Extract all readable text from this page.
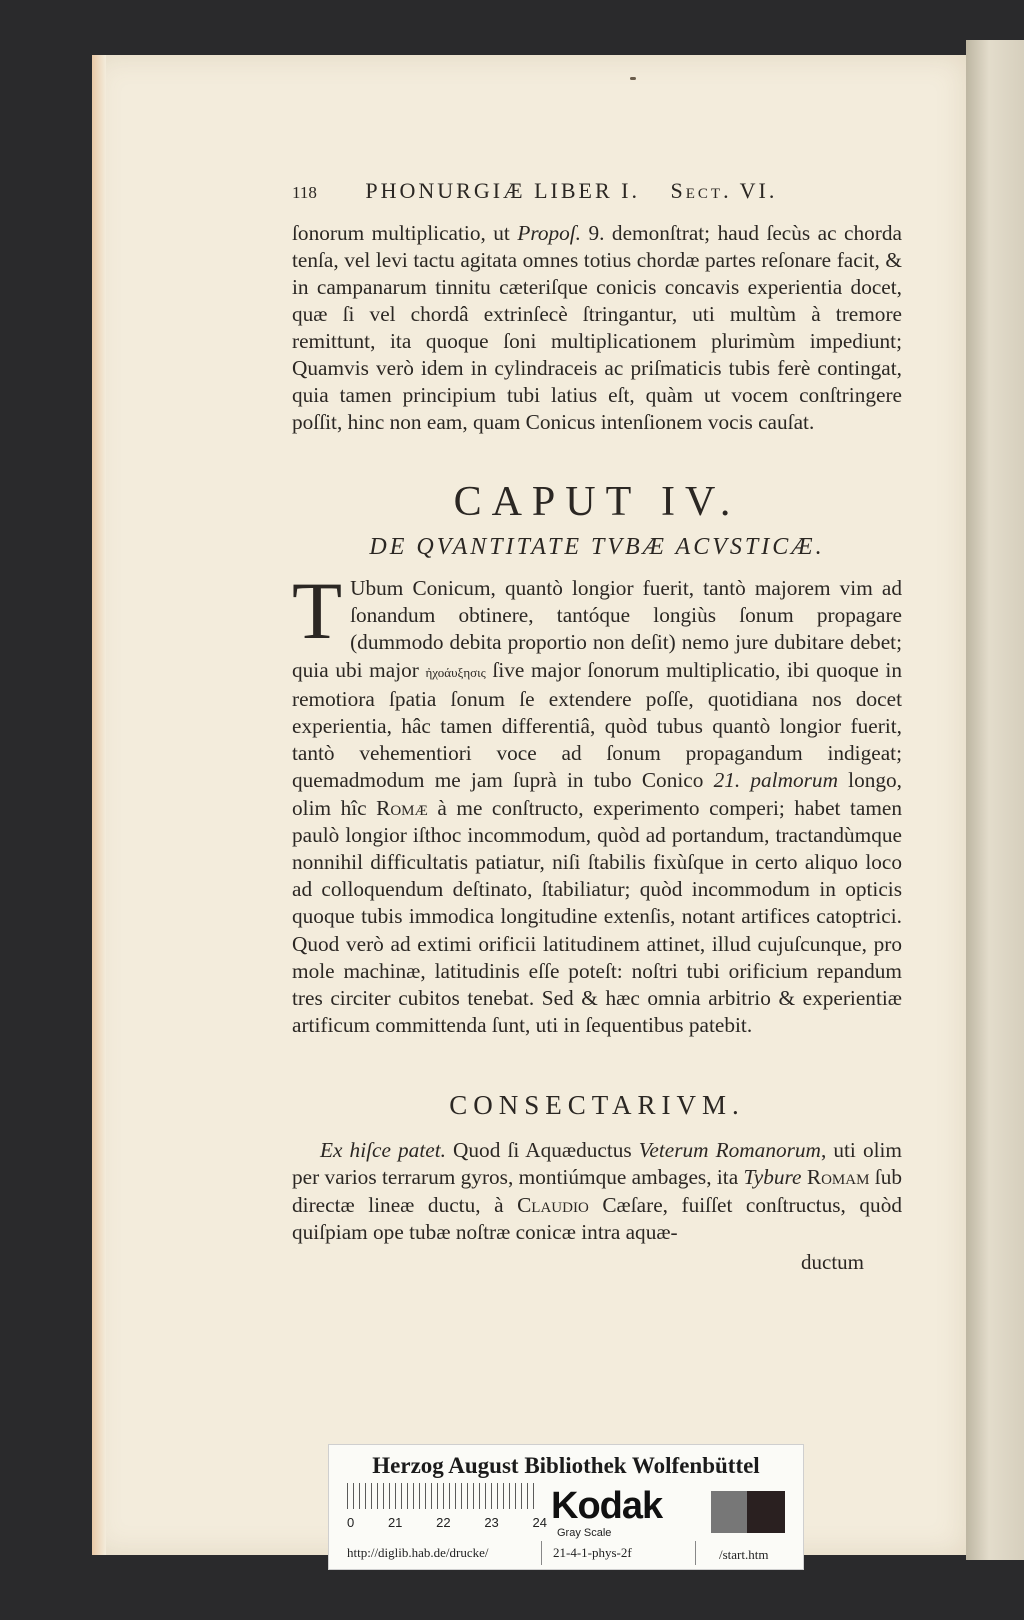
118 PHONURGIÆ LIBER I. Sect. VI.
ſonorum multiplicatio, ut Propoſ. 9. demonſtrat; haud ſecùs ac chorda tenſa, vel levi tactu agitata omnes totius chordæ partes reſonare facit, & in campanarum tinnitu cæteriſque conicis concavis experientia docet, quæ ſi vel chordâ extrinſecè ſtringantur, uti multùm à tremore remittunt, ita quoque ſoni multiplicationem plurimùm impediunt; Quamvis verò idem in cylindraceis ac priſmaticis tubis ferè contingat, quia tamen principium tubi latius eſt, quàm ut vocem conſtringere poſſit, hinc non eam, quam Conicus intenſionem vocis cauſat.
CAPUT IV.
DE QVANTITATE TVBÆ ACVSTICÆ.
T Ubum Conicum, quantò longior fuerit, tantò majorem vim ad ſonandum obtinere, tantóque longiùs ſonum propagare (dummodo debita proportio non deſit) nemo jure dubitare debet; quia ubi major ἠχοάυξησις ſive major ſonorum multiplicatio, ibi quoque in remotiora ſpatia ſonum ſe extendere poſſe, quotidiana nos docet experientia, hâc tamen differentiâ, quòd tubus quantò longior fuerit, tantò vehementiori voce ad ſonum propagandum indigeat; quemadmodum me jam ſuprà in tubo Conico 21. palmorum longo, olim hîc Romæ à me conſtructo, experimento comperi; habet tamen paulò longior iſthoc incommodum, quòd ad portandum, tractandùmque nonnihil difficultatis patiatur, niſi ſtabilis fixùſque in certo aliquo loco ad colloquendum deſtinato, ſtabiliatur; quòd incommodum in opticis quoque tubis immodica longitudine extenſis, notant artifices catoptrici. Quod verò ad extimi orificii latitudinem attinet, illud cujuſcunque, pro mole machinæ, latitudinis eſſe poteſt: noſtri tubi orificium repandum tres circiter cubitos tenebat. Sed & hæc omnia arbitrio & experientiæ artificum committenda ſunt, uti in ſequentibus patebit.
CONSECTARIVM.
Ex hiſce patet. Quod ſi Aquæductus Veterum Romanorum, uti olim per varios terrarum gyros, montiúmque ambages, ita Tybure Romam ſub directæ lineæ ductu, à Claudio Cæſare, fuiſſet conſtructus, quòd quiſpiam ope tubæ noſtræ conicæ intra aquæ-
ductum
Herzog August Bibliothek Wolfenbüttel
0	21	22	23	24 Kodak
Gray Scale
http://diglib.hab.de/drucke/	21-4-1-phys-2f	/start.htm
